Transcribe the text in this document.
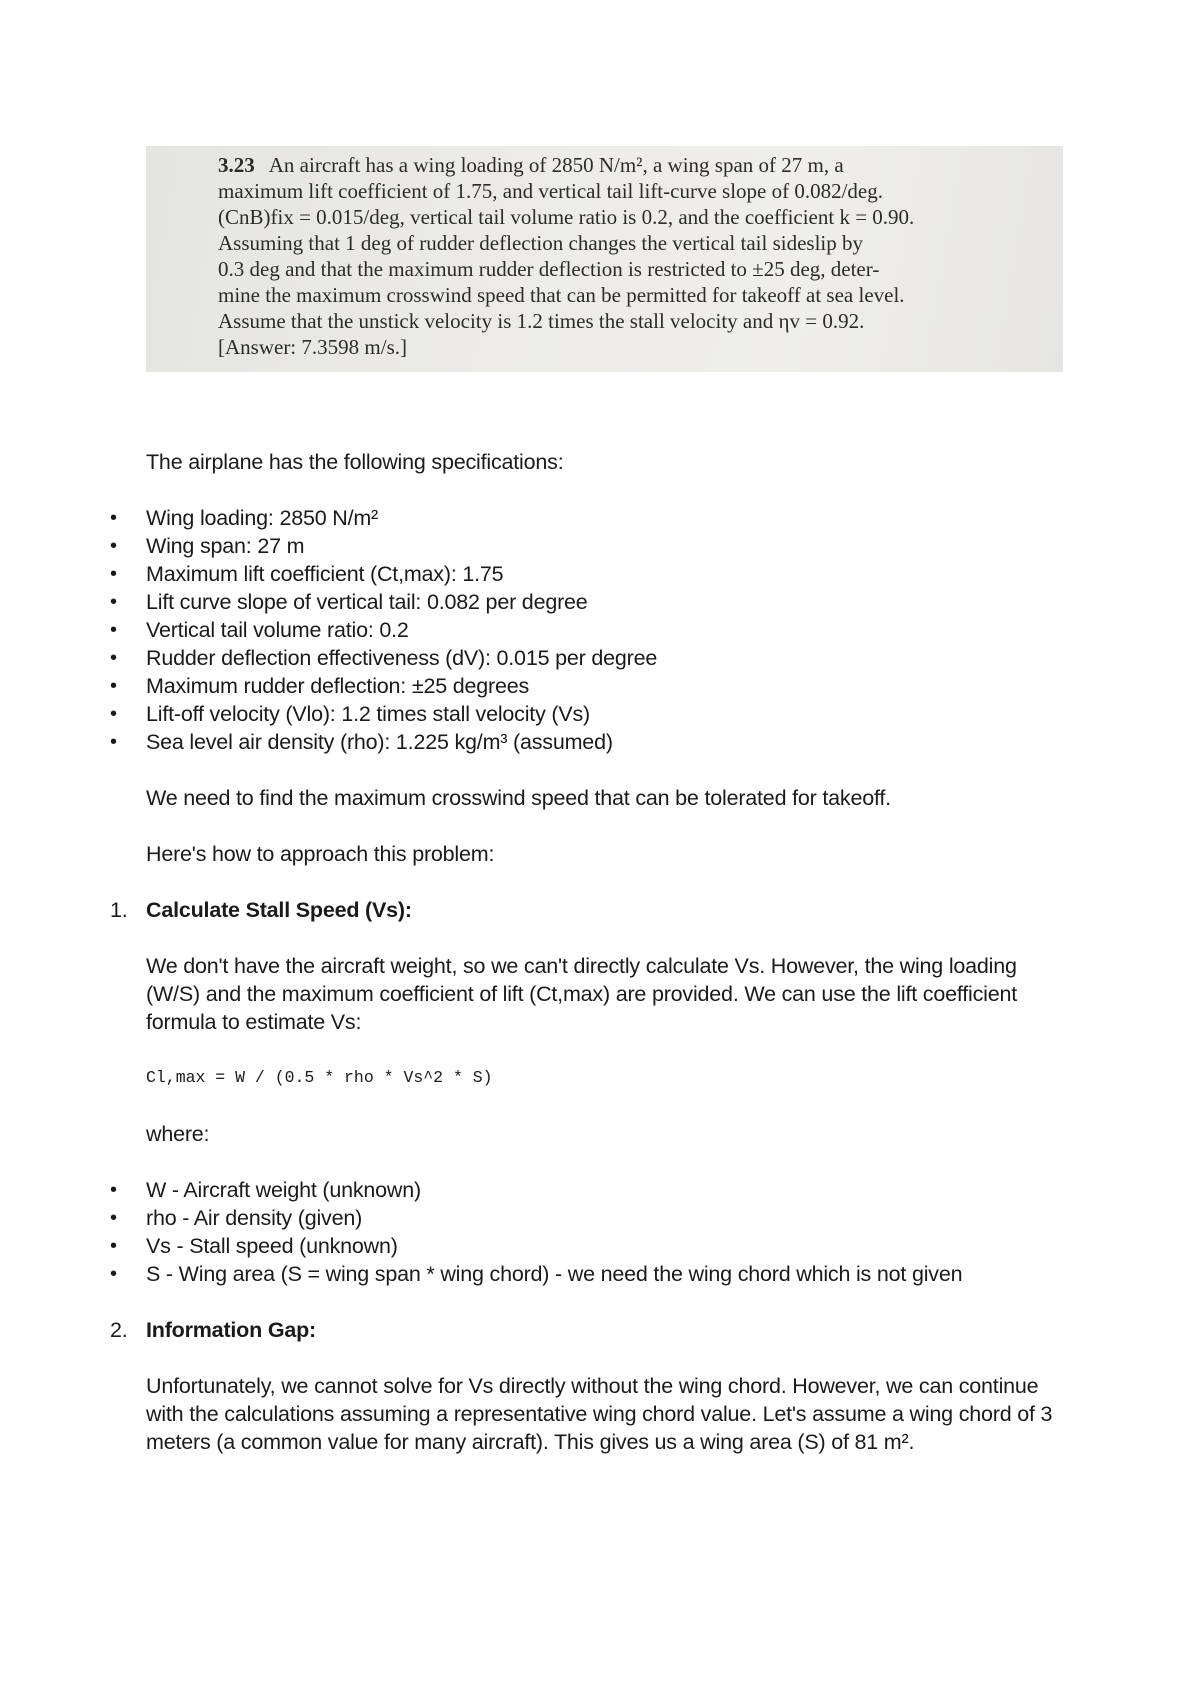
3.23 An aircraft has a wing loading of 2850 N/m², a wing span of 27 m, a

maximum lift coefficient of 1.75, and vertical tail lift-curve slope of 0.082/deg.

(CnB)fix = 0.015/deg, vertical tail volume ratio is 0.2, and the coefficient k = 0.90.

Assuming that 1 deg of rudder deflection changes the vertical tail sideslip by

0.3 deg and that the maximum rudder deflection is restricted to ±25 deg, deter-

mine the maximum crosswind speed that can be permitted for takeoff at sea level.

Assume that the unstick velocity is 1.2 times the stall velocity and ηv = 0.92.

[Answer: 7.3598 m/s.]

The airplane has the following specifications:

• Wing loading: 2850 N/m²
• Wing span: 27 m
• Maximum lift coefficient (Ct,max): 1.75
• Lift curve slope of vertical tail: 0.082 per degree
• Vertical tail volume ratio: 0.2
• Rudder deflection effectiveness (dV): 0.015 per degree
• Maximum rudder deflection: ±25 degrees
• Lift-off velocity (Vlo): 1.2 times stall velocity (Vs)
• Sea level air density (rho): 1.225 kg/m³ (assumed)

We need to find the maximum crosswind speed that can be tolerated for takeoff.

Here's how to approach this problem:

1. Calculate Stall Speed (Vs):

We don't have the aircraft weight, so we can't directly calculate Vs. However, the wing loading (W/S) and the maximum coefficient of lift (Ct,max) are provided. We can use the lift coefficient formula to estimate Vs:

Cl,max = W / (0.5 * rho * Vs^2 * S)

where:

• W - Aircraft weight (unknown)
• rho - Air density (given)
• Vs - Stall speed (unknown)
• S - Wing area (S = wing span * wing chord) - we need the wing chord which is not given
2. Information Gap:

Unfortunately, we cannot solve for Vs directly without the wing chord. However, we can continue with the calculations assuming a representative wing chord value. Let's assume a wing chord of 3 meters (a common value for many aircraft). This gives us a wing area (S) of 81 m².
